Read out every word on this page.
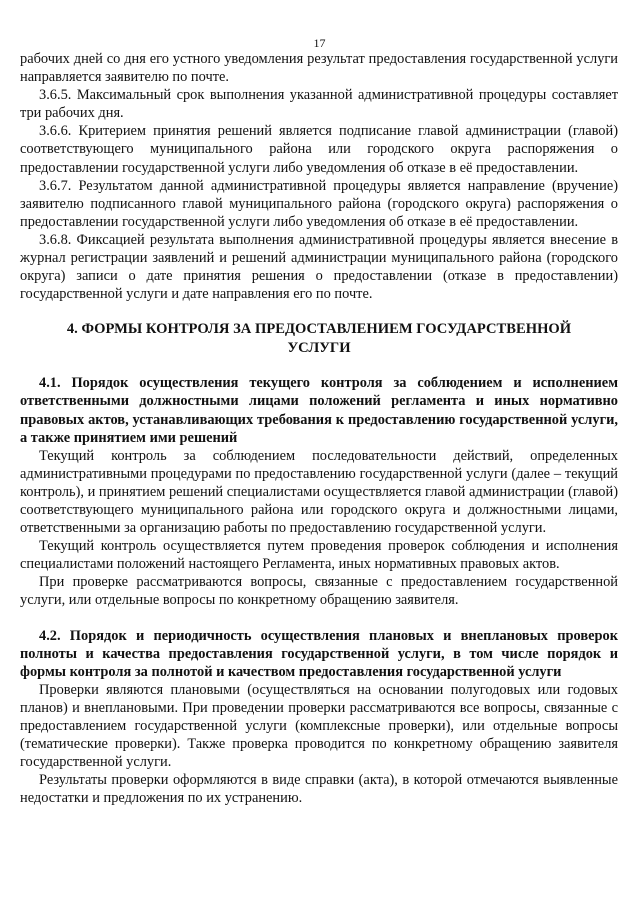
17

рабочих дней со дня его устного уведомления результат предоставления государственной услуги направляется заявителю по почте.

3.6.5. Максимальный срок выполнения указанной административной процедуры составляет три рабочих дня.

3.6.6. Критерием принятия решений является подписание главой администрации (главой) соответствующего муниципального района или городского округа распоряжения о предоставлении государственной услуги либо уведомления об отказе в её предоставлении.

3.6.7. Результатом данной административной процедуры является направление (вручение) заявителю подписанного главой муниципального района (городского округа) распоряжения о предоставлении государственной услуги либо уведомления об отказе в её предоставлении.

3.6.8. Фиксацией результата выполнения административной процедуры является внесение в журнал регистрации заявлений и решений администрации муниципального района (городского округа) записи о дате принятия решения о предоставлении (отказе в предоставлении) государственной услуги и дате направления его по почте.

4. ФОРМЫ КОНТРОЛЯ ЗА ПРЕДОСТАВЛЕНИЕМ ГОСУДАРСТВЕННОЙ УСЛУГИ

4.1. Порядок осуществления текущего контроля за соблюдением и исполнением ответственными должностными лицами положений регламента и иных нормативно правовых актов, устанавливающих требования к предоставлению государственной услуги, а также принятием ими решений

Текущий контроль за соблюдением последовательности действий, определенных административными процедурами по предоставлению государственной услуги (далее – текущий контроль), и принятием решений специалистами осуществляется главой администрации (главой) соответствующего муниципального района или городского округа и должностными лицами, ответственными за организацию работы по предоставлению государственной услуги.

Текущий контроль осуществляется путем проведения проверок соблюдения и исполнения специалистами положений настоящего Регламента, иных нормативных правовых актов.

При проверке рассматриваются вопросы, связанные с предоставлением государственной услуги, или отдельные вопросы по конкретному обращению заявителя.

4.2. Порядок и периодичность осуществления плановых и внеплановых проверок полноты и качества предоставления государственной услуги, в том числе порядок и формы контроля за полнотой и качеством предоставления государственной услуги

Проверки являются плановыми (осуществляться на основании полугодовых или годовых планов) и внеплановыми. При проведении проверки рассматриваются все вопросы, связанные с предоставлением государственной услуги (комплексные проверки), или отдельные вопросы (тематические проверки). Также проверка проводится по конкретному обращению заявителя государственной услуги.

Результаты проверки оформляются в виде справки (акта), в которой отмечаются выявленные недостатки и предложения по их устранению.
